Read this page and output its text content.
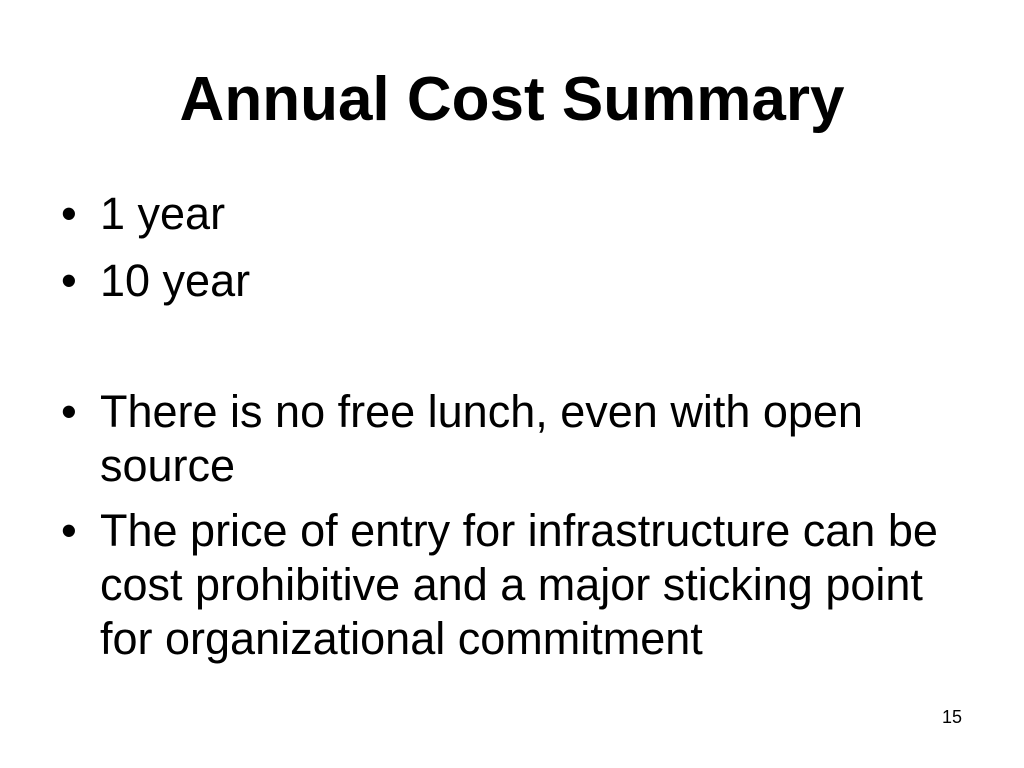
Annual Cost Summary
• 1 year
• 10 year
• There is no free lunch, even with open source
• The price of entry for infrastructure can be cost prohibitive and a major sticking point for organizational commitment
15
